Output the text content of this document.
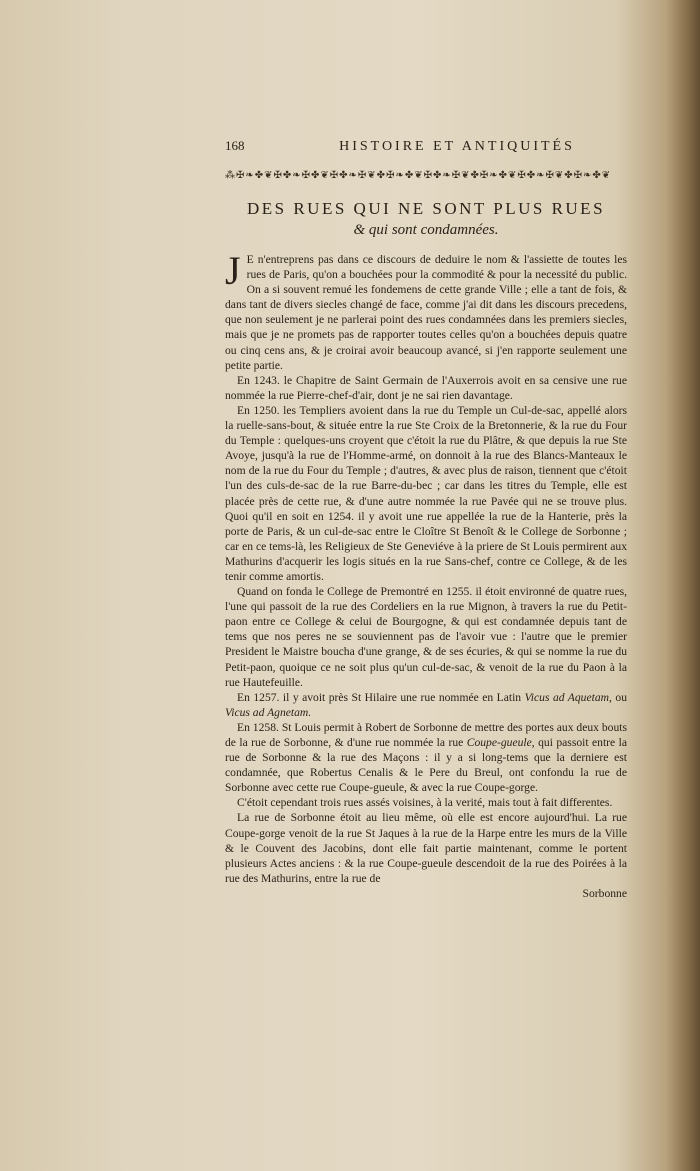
168	HISTOIRE ET ANTIQUITÉS
⁂✠❧✤❦✠✤❧✠✤❦✠✤❧✠❦✤✠❧✤❦✠✤❧✠❦✤✠❧✤❦✠✤❧✠❦✤✠❧✤❦
DES RUES QUI NE SONT PLUS RUES
& qui sont condamnées.

J E n'entreprens pas dans ce discours de deduire le nom & l'assiette de toutes les rues de Paris, qu'on a bouchées pour la commodité & pour la necessité du public. On a si souvent remué les fondemens de cette grande Ville ; elle a tant de fois, & dans tant de divers siecles changé de face, comme j'ai dit dans les discours precedens, que non seulement je ne parlerai point des rues condamnées dans les premiers siecles, mais que je ne promets pas de rapporter toutes celles qu'on a bouchées depuis quatre ou cinq cens ans, & je croirai avoir beaucoup avancé, si j'en rapporte seulement une petite partie.

En 1243. le Chapitre de Saint Germain de l'Auxerrois avoit en sa censive une rue nommée la rue Pierre-chef-d'air, dont je ne sai rien davantage.

En 1250. les Templiers avoient dans la rue du Temple un Cul-de-sac, appellé alors la ruelle-sans-bout, & située entre la rue Ste Croix de la Bretonnerie, & la rue du Four du Temple : quelques-uns croyent que c'étoit la rue du Plâtre, & que depuis la rue Ste Avoye, jusqu'à la rue de l'Homme-armé, on donnoit à la rue des Blancs-Manteaux le nom de la rue du Four du Temple ; d'autres, & avec plus de raison, tiennent que c'étoit l'un des culs-de-sac de la rue Barre-du-bec ; car dans les titres du Temple, elle est placée près de cette rue, & d'une autre nommée la rue Pavée qui ne se trouve plus. Quoi qu'il en soit en 1254. il y avoit une rue appellée la rue de la Hanterie, près la porte de Paris, & un cul-de-sac entre le Cloître St Benoît & le College de Sorbonne ; car en ce tems-là, les Religieux de Ste Geneviéve à la priere de St Louis permirent aux Mathurins d'acquerir les logis situés en la rue Sans-chef, contre ce College, & de les tenir comme amortis.

Quand on fonda le College de Premontré en 1255. il étoit environné de quatre rues, l'une qui passoit de la rue des Cordeliers en la rue Mignon, à travers la rue du Petit-paon entre ce College & celui de Bourgogne, & qui est condamnée depuis tant de tems que nos peres ne se souviennent pas de l'avoir vue : l'autre que le premier President le Maistre boucha d'une grange, & de ses écuries, & qui se nomme la rue du Petit-paon, quoique ce ne soit plus qu'un cul-de-sac, & venoit de la rue du Paon à la rue Hautefeuille.

En 1257. il y avoit près St Hilaire une rue nommée en Latin Vicus ad Aquetam, ou Vicus ad Agnetam.

En 1258. St Louis permit à Robert de Sorbonne de mettre des portes aux deux bouts de la rue de Sorbonne, & d'une rue nommée la rue Coupe-gueule, qui passoit entre la rue de Sorbonne & la rue des Maçons : il y a si long-tems que la derniere est condamnée, que Robertus Cenalis & le Pere du Breul, ont confondu la rue de Sorbonne avec cette rue Coupe-gueule, & avec la rue Coupe-gorge.

C'étoit cependant trois rues assés voisines, à la verité, mais tout à fait differentes.

La rue de Sorbonne étoit au lieu même, où elle est encore aujourd'hui. La rue Coupe-gorge venoit de la rue St Jaques à la rue de la Harpe entre les murs de la Ville & le Couvent des Jacobins, dont elle fait partie maintenant, comme le portent plusieurs Actes anciens : & la rue Coupe-gueule descendoit de la rue des Poirées à la rue des Mathurins, entre la rue de

Sorbonne
